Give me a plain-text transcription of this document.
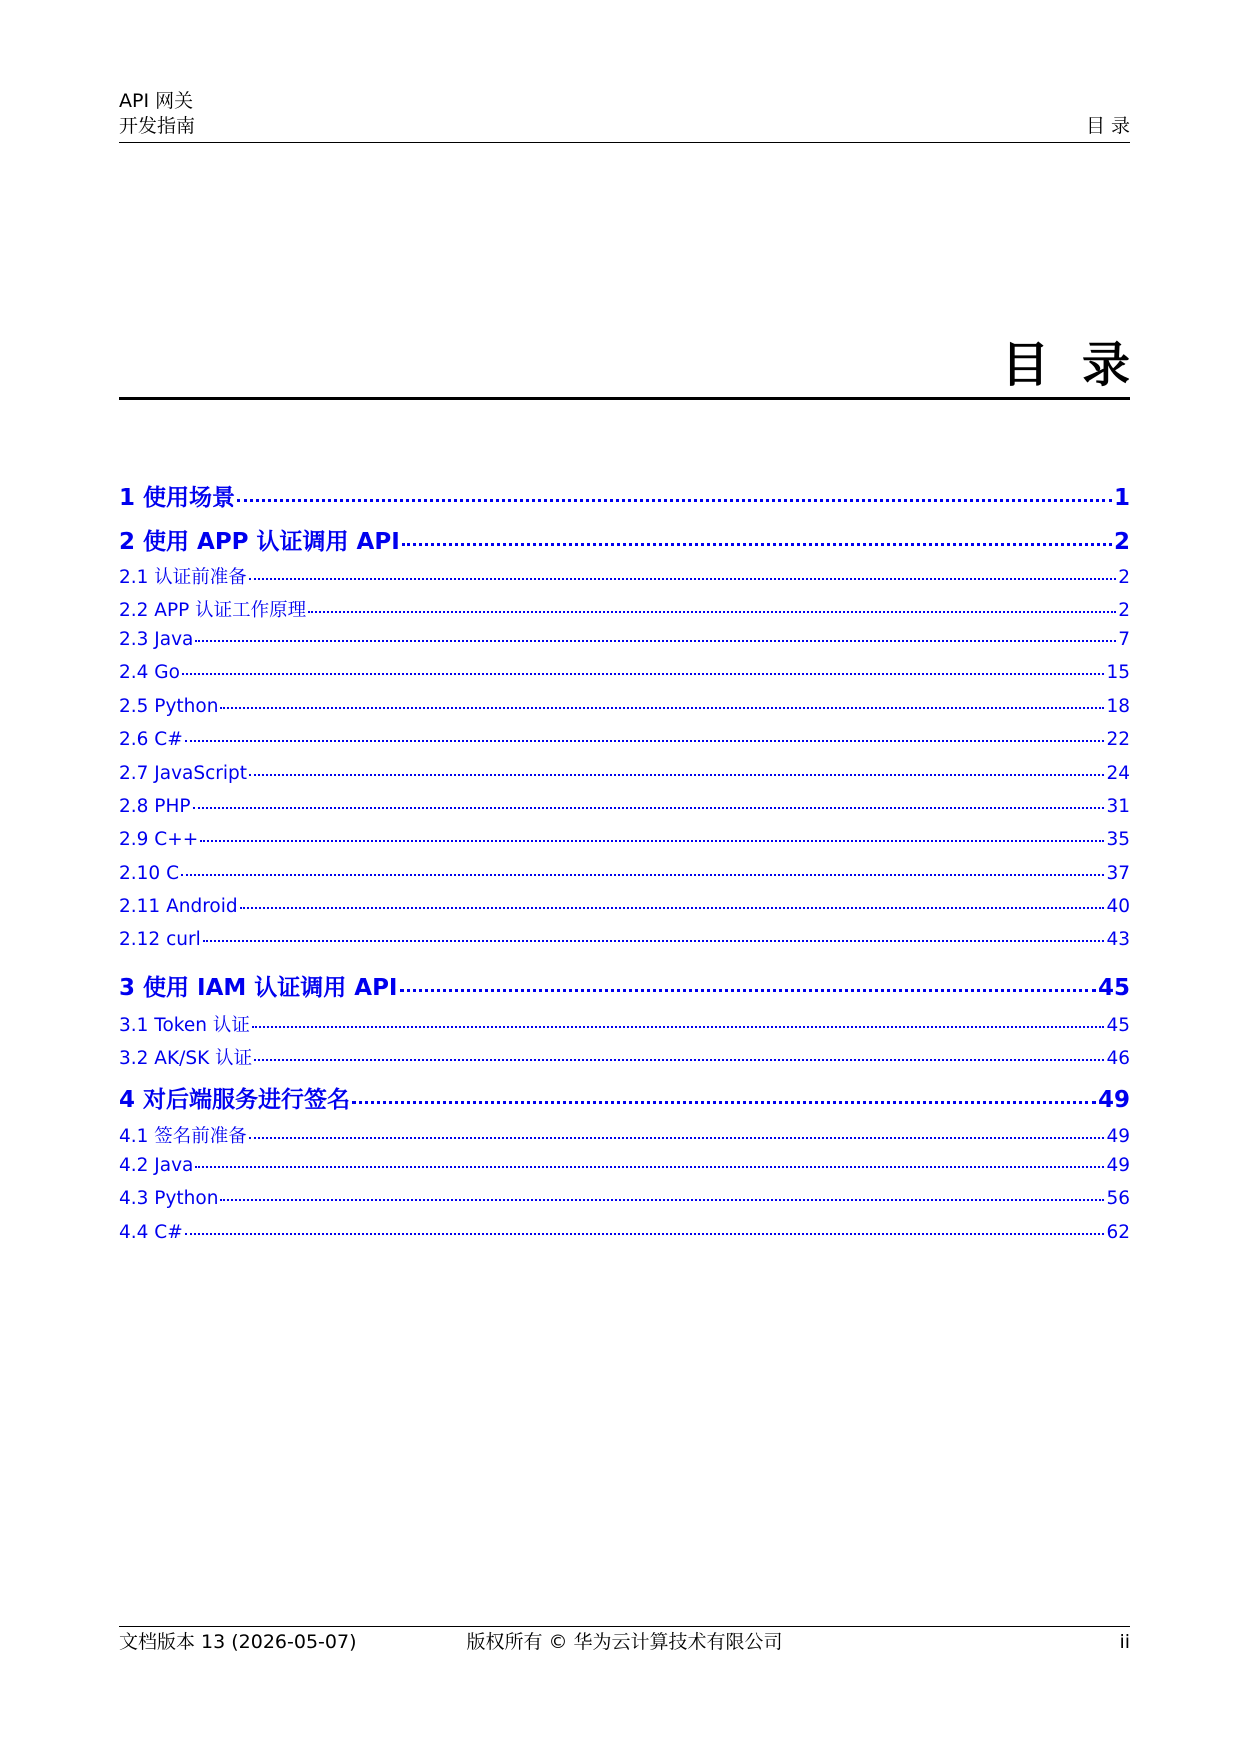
API 网关
开发指南	目 录
目 录
1 使用场景	1
2 使用 APP 认证调用 API	2
2.1 认证前准备	2
2.2 APP 认证工作原理	2
2.3 Java	7
2.4 Go	15
2.5 Python	18
2.6 C#	22
2.7 JavaScript	24
2.8 PHP	31
2.9 C++	35
2.10 C	37
2.11 Android	40
2.12 curl	43
3 使用 IAM 认证调用 API	45
3.1 Token 认证	45
3.2 AK/SK 认证	46
4 对后端服务进行签名	49
4.1 签名前准备	49
4.2 Java	49
4.3 Python	56
4.4 C#	62
文档版本 13 (2026-05-07)	版权所有 © 华为云计算技术有限公司	ii
